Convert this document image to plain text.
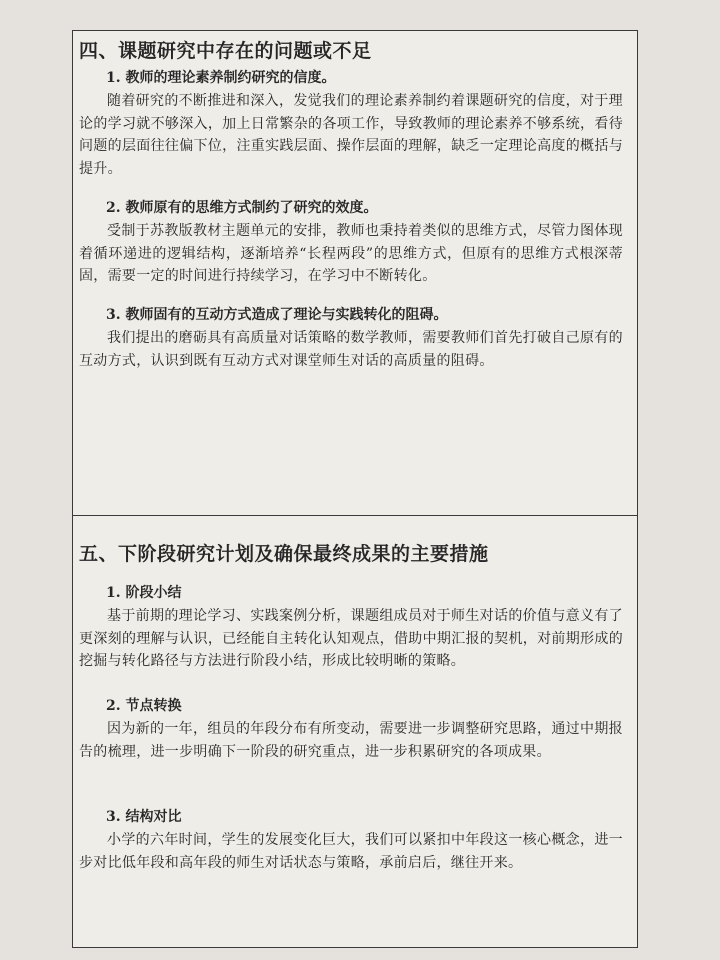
四、课题研究中存在的问题或不足

1. 教师的理论素养制约研究的信度。

随着研究的不断推进和深入，发觉我们的理论素养制约着课题研究的信度，对于理论的学习就不够深入，加上日常繁杂的各项工作，导致教师的理论素养不够系统，看待问题的层面往往偏下位，注重实践层面、操作层面的理解，缺乏一定理论高度的概括与提升。

2. 教师原有的思维方式制约了研究的效度。

受制于苏教版教材主题单元的安排，教师也秉持着类似的思维方式，尽管力图体现着循环递进的逻辑结构，逐渐培养“长程两段”的思维方式，但原有的思维方式根深蒂固，需要一定的时间进行持续学习，在学习中不断转化。

3. 教师固有的互动方式造成了理论与实践转化的阻碍。

我们提出的磨砺具有高质量对话策略的数学教师，需要教师们首先打破自己原有的互动方式，认识到既有互动方式对课堂师生对话的高质量的阻碍。

五、下阶段研究计划及确保最终成果的主要措施

1. 阶段小结

基于前期的理论学习、实践案例分析，课题组成员对于师生对话的价值与意义有了更深刻的理解与认识，已经能自主转化认知观点，借助中期汇报的契机，对前期形成的挖掘与转化路径与方法进行阶段小结，形成比较明晰的策略。

2. 节点转换

因为新的一年，组员的年段分布有所变动，需要进一步调整研究思路，通过中期报告的梳理，进一步明确下一阶段的研究重点，进一步积累研究的各项成果。

3. 结构对比

小学的六年时间，学生的发展变化巨大，我们可以紧扣中年段这一核心概念，进一步对比低年段和高年段的师生对话状态与策略，承前启后，继往开来。
